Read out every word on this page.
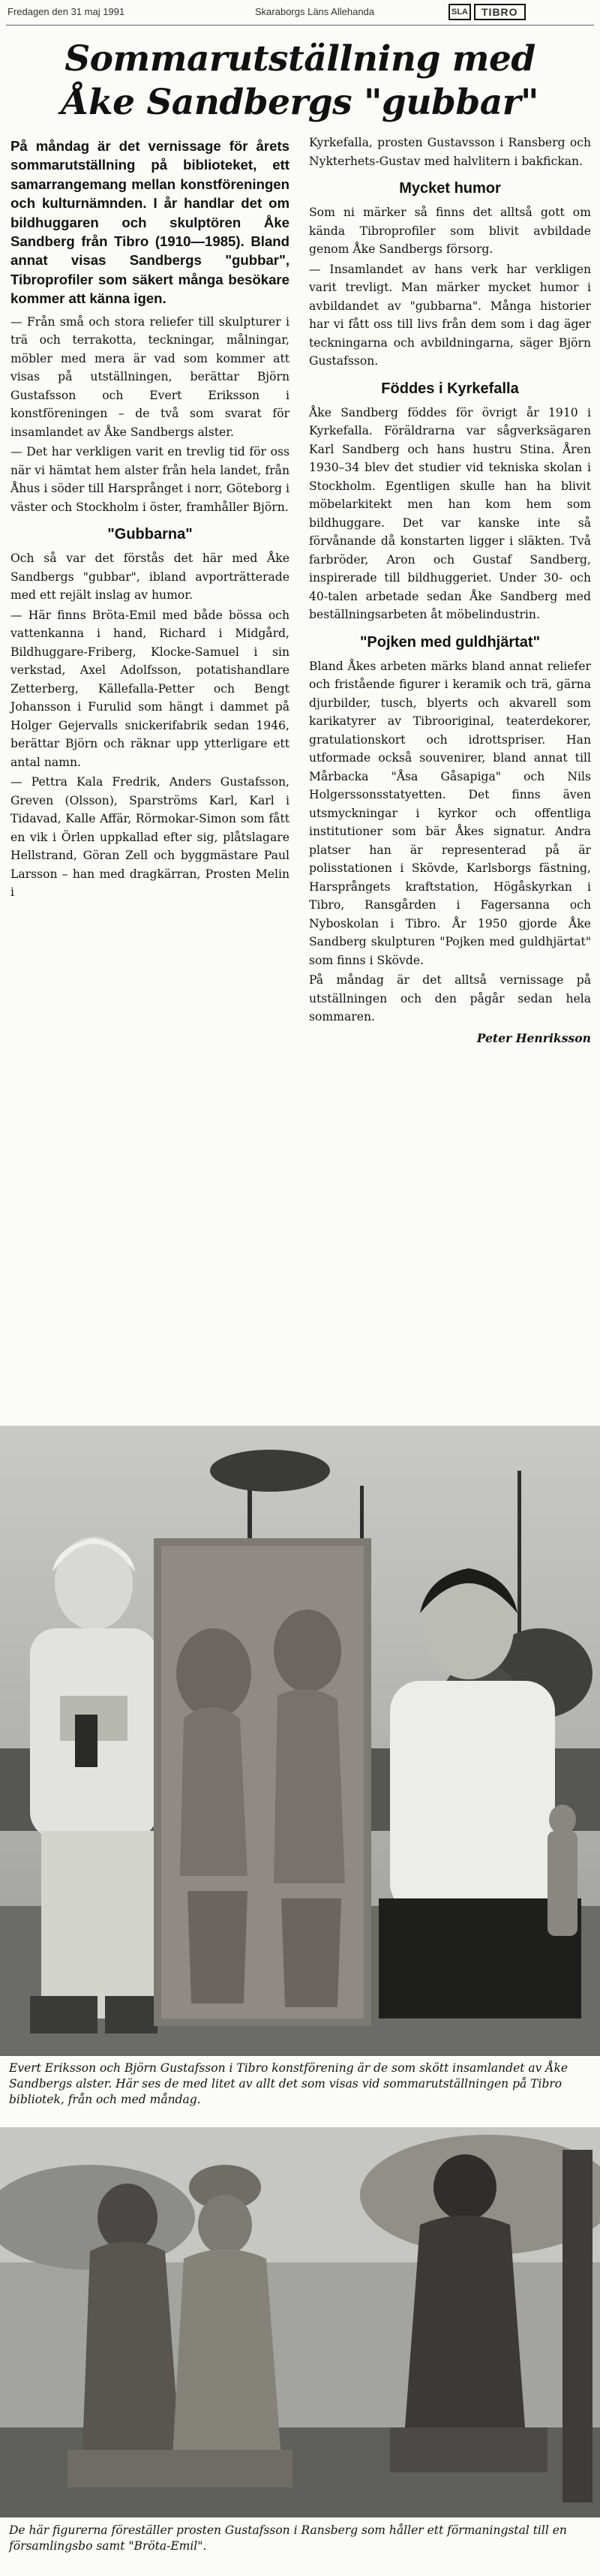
Fredagen den 31 maj 1991	Skaraborgs Läns Allehanda	SLA	TIBRO
Sommarutställning med
Åke Sandbergs "gubbar"

På måndag är det vernissage för årets sommarutställning på biblioteket, ett samarrangemang mellan konstföreningen och kulturnämnden. I år handlar det om bildhuggaren och skulptören Åke Sandberg från Tibro (1910—1985). Bland annat visas Sandbergs "gubbar", Tibroprofiler som säkert många besökare kommer att känna igen.

— Från små och stora reliefer till skulpturer i trä och terrakotta, teckningar, målningar, möbler med mera är vad som kommer att visas på utställningen, berättar Björn Gustafsson och Evert Eriksson i konstföreningen – de två som svarat för insamlandet av Åke Sandbergs alster.

— Det har verkligen varit en trevlig tid för oss när vi hämtat hem alster från hela landet, från Åhus i söder till Harsprånget i norr, Göteborg i väster och Stockholm i öster, framhåller Björn.

"Gubbarna"

Och så var det förstås det här med Åke Sandbergs "gubbar", ibland avporträtterade med ett rejält inslag av humor.

— Här finns Bröta-Emil med både bössa och vattenkanna i hand, Richard i Midgård, Bildhuggare-Friberg, Klocke-Samuel i sin verkstad, Axel Adolfsson, potatishandlare Zetterberg, Källefalla-Petter och Bengt Johansson i Furulid som hängt i dammet på Holger Gejervalls snickerifabrik sedan 1946, berättar Björn och räknar upp ytterligare ett antal namn.

— Pettra Kala Fredrik, Anders Gustafsson, Greven (Olsson), Sparströms Karl, Karl i Tidavad, Kalle Affär, Rörmokar-Simon som fått en vik i Örlen uppkallad efter sig, plåtslagare Hellstrand, Göran Zell och byggmästare Paul Larsson – han med dragkärran, Prosten Melin i

Kyrkefalla, prosten Gustavsson i Ransberg och Nykterhets-Gustav med halvlitern i bakfickan.

Mycket humor

Som ni märker så finns det alltså gott om kända Tibroprofiler som blivit avbildade genom Åke Sandbergs försorg.

— Insamlandet av hans verk har verkligen varit trevligt. Man märker mycket humor i avbildandet av "gubbarna". Många historier har vi fått oss till livs från dem som i dag äger teckningarna och avbildningarna, säger Björn Gustafsson.

Föddes i Kyrkefalla

Åke Sandberg föddes för övrigt år 1910 i Kyrkefalla. Föräldrarna var sågverksägaren Karl Sandberg och hans hustru Stina. Åren 1930–34 blev det studier vid tekniska skolan i Stockholm. Egentligen skulle han ha blivit möbelarkitekt men han kom hem som bildhuggare. Det var kanske inte så förvånande då konstarten ligger i släkten. Två farbröder, Aron och Gustaf Sandberg, inspirerade till bildhuggeriet. Under 30- och 40-talen arbetade sedan Åke Sandberg med beställningsarbeten åt möbelindustrin.

"Pojken med guldhjärtat"

Bland Åkes arbeten märks bland annat reliefer och fristående figurer i keramik och trä, gärna djurbilder, tusch, blyerts och akvarell som karikatyrer av Tibrooriginal, teaterdekorer, gratulationskort och idrottspriser. Han utformade också souvenirer, bland annat till Mårbacka "Åsa Gåsapiga" och Nils Holgerssonsstatyetten. Det finns även utsmyckningar i kyrkor och offentliga institutioner som bär Åkes signatur. Andra platser han är representerad på är polisstationen i Skövde, Karlsborgs fästning, Harsprångets kraftstation, Högåskyrkan i Tibro, Ransgården i Fagersanna och Nyboskolan i Tibro. År 1950 gjorde Åke Sandberg skulpturen "Pojken med guldhjärtat" som finns i Skövde.

På måndag är det alltså vernissage på utställningen och den pågår sedan hela sommaren.

Peter Henriksson

Evert Eriksson och Björn Gustafsson i Tibro konstförening är de som skött insamlandet av Åke Sandbergs alster. Här ses de med litet av allt det som visas vid sommarutställningen på Tibro bibliotek, från och med måndag.

De här figurerna föreställer prosten Gustafsson i Ransberg som håller ett förmaningstal till en församlingsbo samt "Bröta-Emil".
